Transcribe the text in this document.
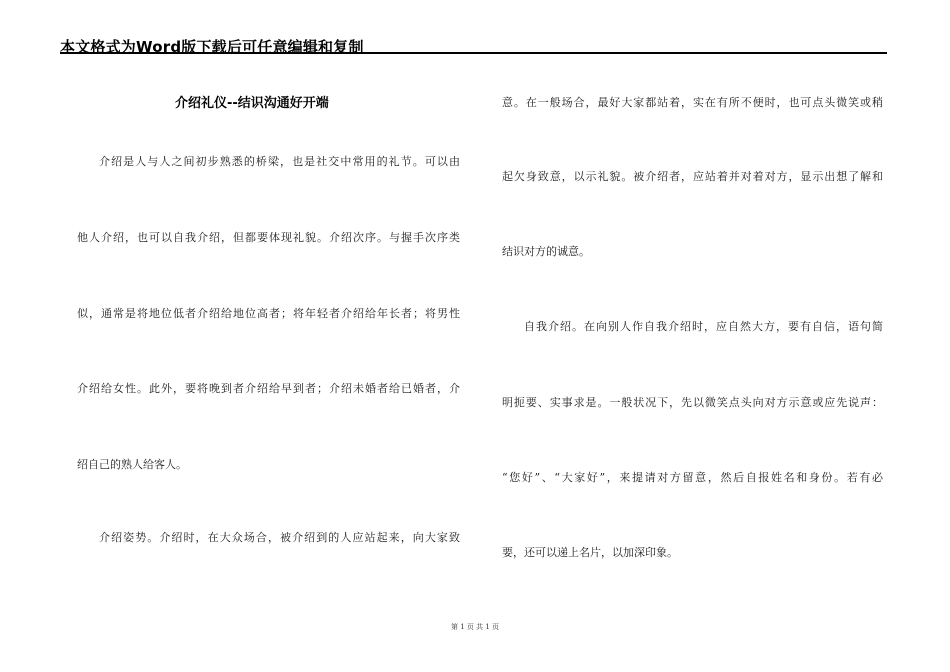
本文格式为Word版下载后可任意编辑和复制
介绍礼仪--结识沟通好开端

介绍是人与人之间初步熟悉的桥梁，也是社交中常用的礼节。可以由

他人介绍，也可以自我介绍，但都要体现礼貌。介绍次序。与握手次序类

似，通常是将地位低者介绍给地位高者；将年轻者介绍给年长者；将男性

介绍给女性。此外，要将晚到者介绍给早到者；介绍未婚者给已婚者，介

绍自己的熟人给客人。

介绍姿势。介绍时，在大众场合，被介绍到的人应站起来，向大家致

意。在一般场合，最好大家都站着，实在有所不便时，也可点头微笑或稍

起欠身致意，以示礼貌。被介绍者，应站着并对着对方，显示出想了解和

结识对方的诚意。

自我介绍。在向别人作自我介绍时，应自然大方，要有自信，语句简

明扼要、实事求是。一般状况下，先以微笑点头向对方示意或应先说声：

“您好”、“大家好”，来提请对方留意，然后自报姓名和身份。若有必

要，还可以递上名片，以加深印象。

第 1 页 共 1 页
